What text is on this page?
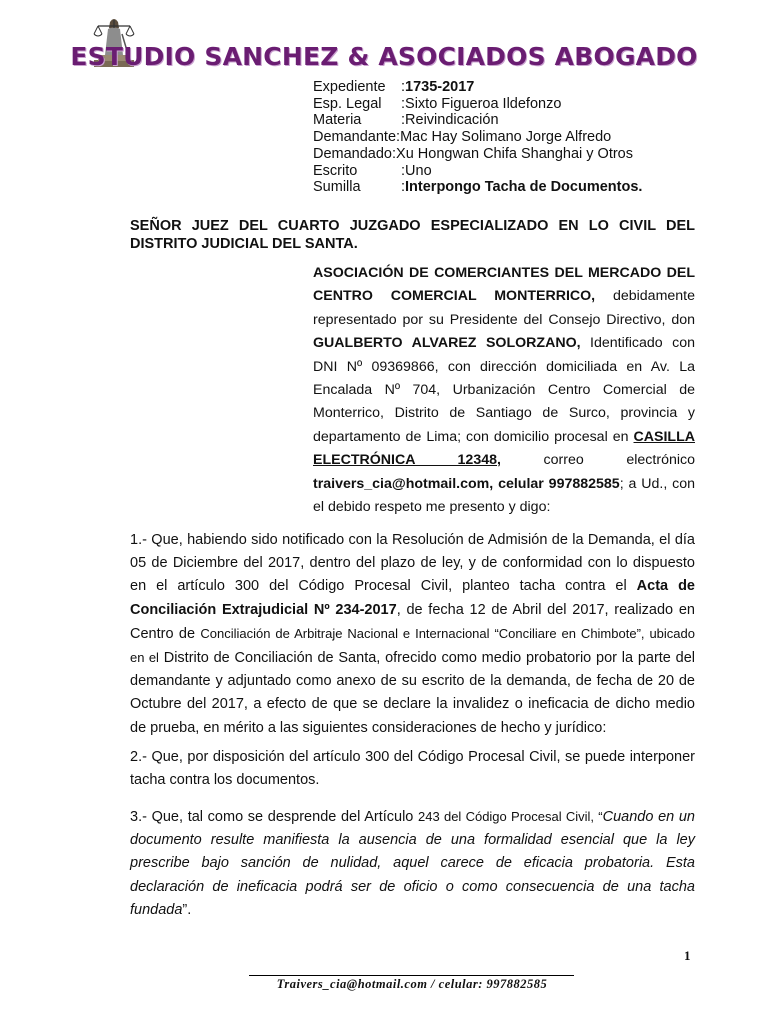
ESTUDIO SANCHEZ & ASOCIADOS ABOGADO
Expediente	: 1735-2017
Esp. Legal	: Sixto Figueroa Ildefonzo
Materia	: Reivindicación
Demandante : Mac Hay Solimano Jorge Alfredo
Demandado : Xu Hongwan Chifa Shanghai y Otros
Escrito	: Uno
Sumilla	: Interpongo Tacha de Documentos.
SEÑOR JUEZ DEL CUARTO JUZGADO ESPECIALIZADO EN LO CIVIL DEL DISTRITO JUDICIAL DEL SANTA.
ASOCIACIÓN DE COMERCIANTES DEL MERCADO DEL CENTRO COMERCIAL MONTERRICO, debidamente representado por su Presidente del Consejo Directivo, don GUALBERTO ALVAREZ SOLORZANO, Identificado con DNI Nº 09369866, con dirección domiciliada en Av. La Encalada Nº 704, Urbanización Centro Comercial de Monterrico, Distrito de Santiago de Surco, provincia y departamento de Lima; con domicilio procesal en CASILLA ELECTRÓNICA 12348, correo electrónico traivers_cia@hotmail.com, celular 997882585; a Ud., con el debido respeto me presento y digo:
1.- Que, habiendo sido notificado con la Resolución de Admisión de la Demanda, el día 05 de Diciembre del 2017, dentro del plazo de ley, y de conformidad con lo dispuesto en el artículo 300 del Código Procesal Civil, planteo tacha contra el Acta de Conciliación Extrajudicial Nº 234-2017, de fecha 12 de Abril del 2017, realizado en Centro de Conciliación de Arbitraje Nacional e Internacional “Conciliare en Chimbote”, ubicado en el Distrito de Conciliación de Santa, ofrecido como medio probatorio por la parte del demandante y adjuntado como anexo de su escrito de la demanda, de fecha de 20 de Octubre del 2017, a efecto de que se declare la invalidez o ineficacia de dicho medio de prueba, en mérito a las siguientes consideraciones de hecho y jurídico:
2.- Que, por disposición del artículo 300 del Código Procesal Civil, se puede interponer tacha contra los documentos.
3.- Que, tal como se desprende del Artículo 243 del Código Procesal Civil, “Cuando en un documento resulte manifiesta la ausencia de una formalidad esencial que la ley prescribe bajo sanción de nulidad, aquel carece de eficacia probatoria. Esta declaración de ineficacia podrá ser de oficio o como consecuencia de una tacha fundada”.
1
Traivers_cia@hotmail.com / celular: 997882585
